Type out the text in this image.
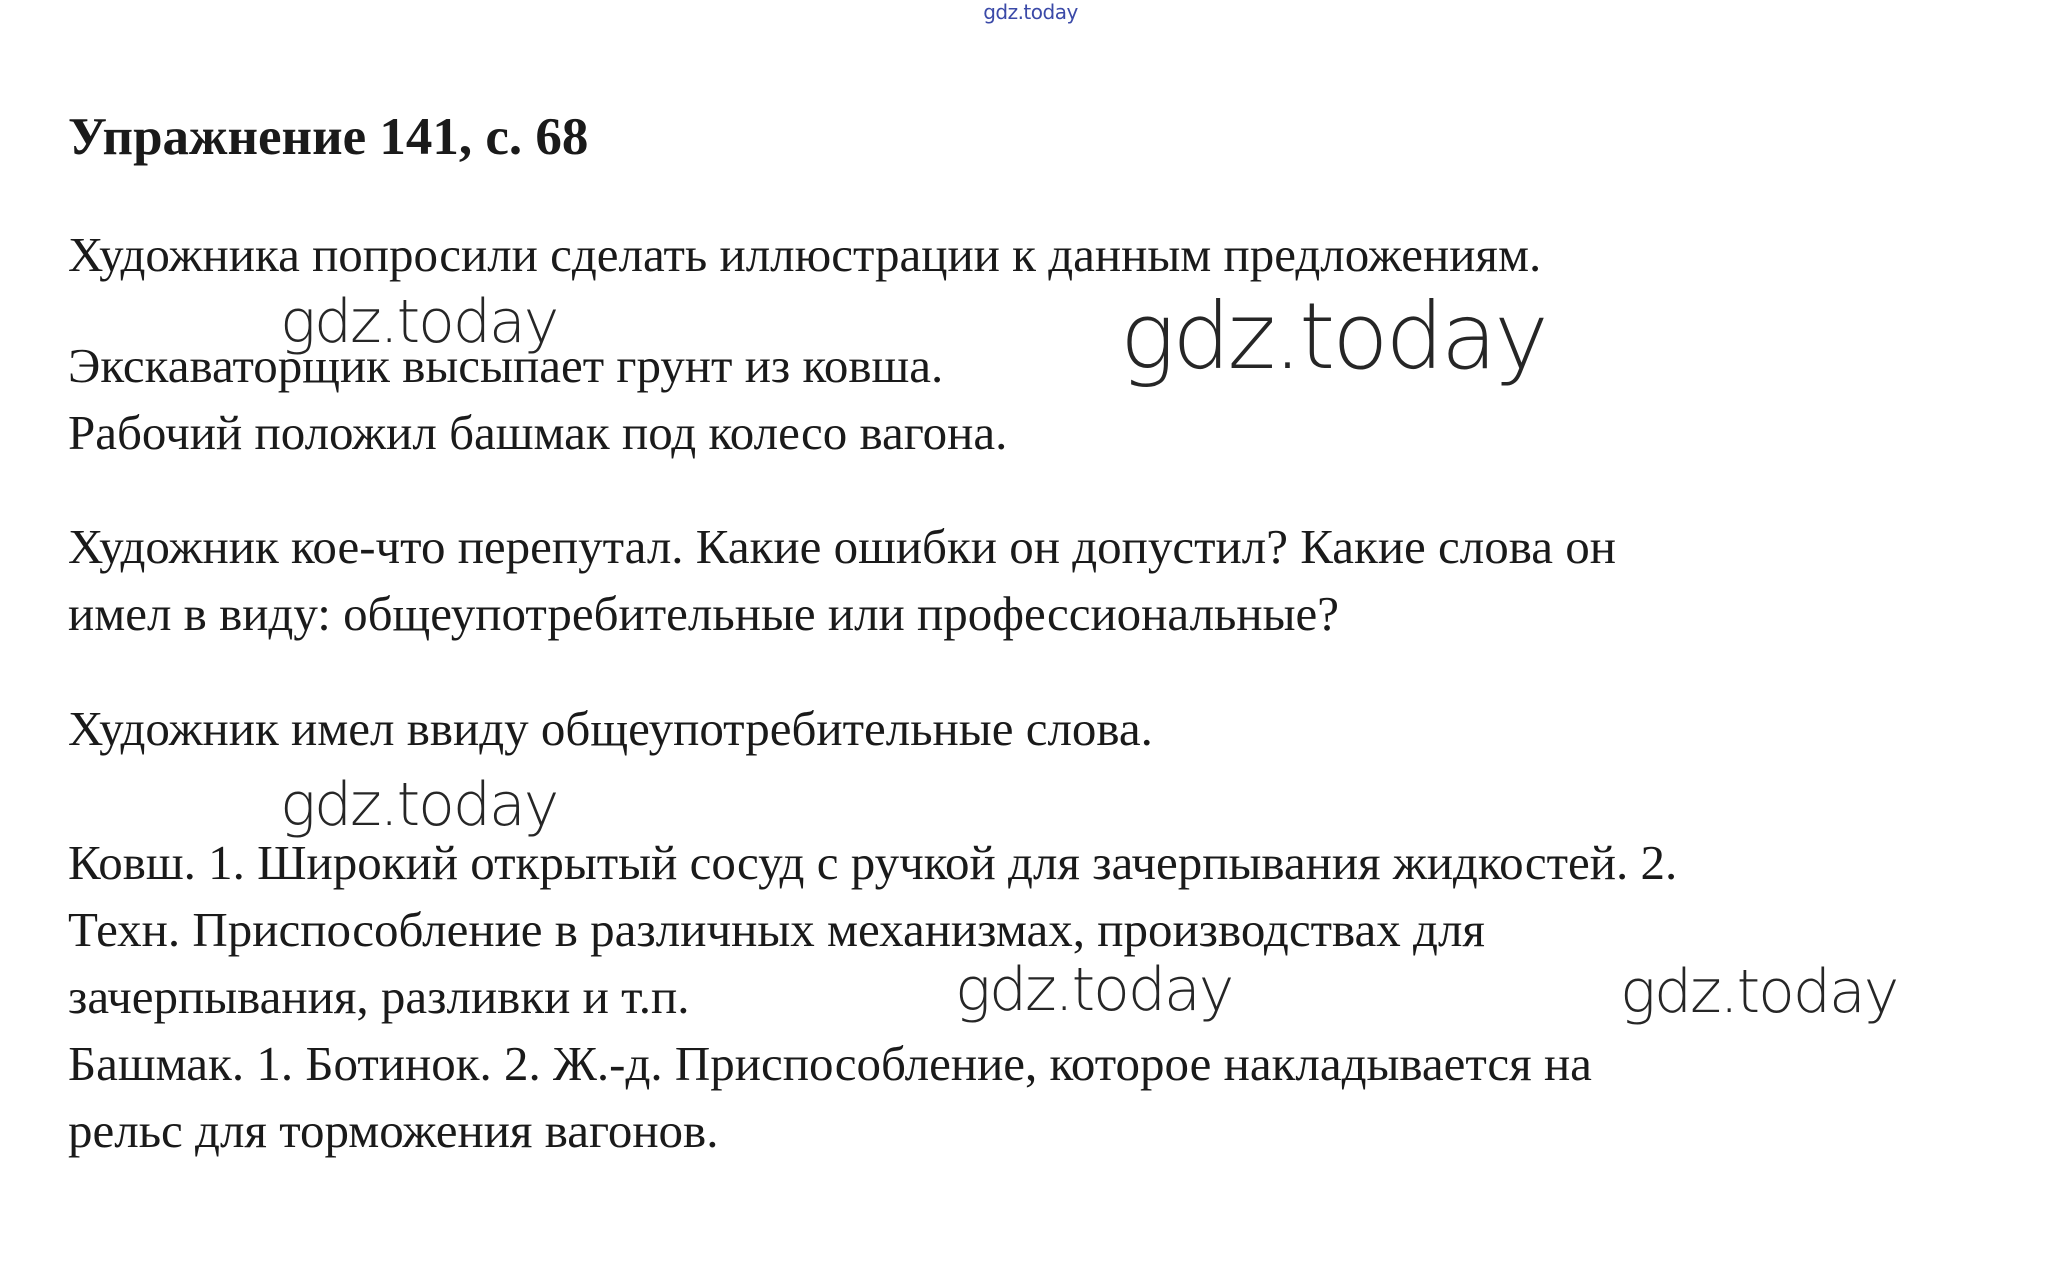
gdz.today
Упражнение 141, с. 68
Художника попросили сделать иллюстрации к данным предложениям.
Экскаваторщик высыпает грунт из ковша.
Рабочий положил башмак под колесо вагона.
Художник кое-что перепутал. Какие ошибки он допустил? Какие слова он
имел в виду: общеупотребительные или профессиональные?
Художник имел ввиду общеупотребительные слова.
Ковш. 1. Широкий открытый сосуд с ручкой для зачерпывания жидкостей. 2.
Техн. Приспособление в различных механизмах, производствах для
зачерпывания, разливки и т.п.
Башмак. 1. Ботинок. 2. Ж.-д. Приспособление, которое накладывается на
рельс для торможения вагонов.
gdz.today	gdz.today
gdz.today
gdz.today	gdz.today
